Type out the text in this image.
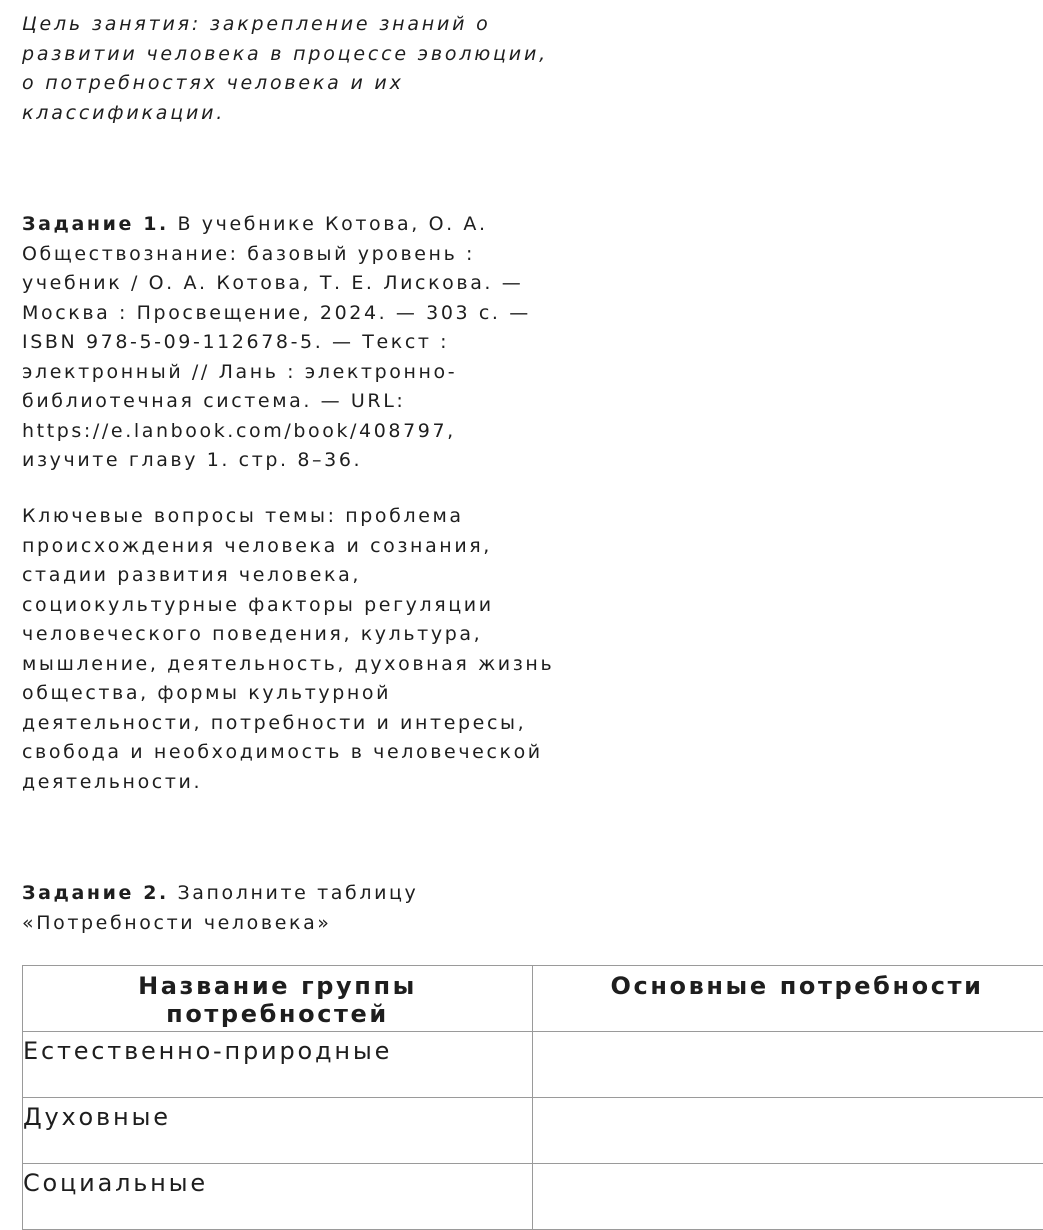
Цель занятия: закрепление знаний о
развитии человека в процессе эволюции,
о потребностях человека и их
классификации.
Задание 1. В учебнике Котова, О. А.
Обществознание: базовый уровень :
учебник / О. А. Котова, Т. Е. Лискова. —
Москва : Просвещение, 2024. — 303 с. —
ISBN 978-5-09-112678-5. — Текст :
электронный // Лань : электронно-
библиотечная система. — URL:
https://e.lanbook.com/book/408797,
изучите главу 1. стр. 8–36.
Ключевые вопросы темы: проблема
происхождения человека и сознания,
стадии развития человека,
социокультурные факторы регуляции
человеческого поведения, культура,
мышление, деятельность, духовная жизнь
общества, формы культурной
деятельности, потребности и интересы,
свобода и необходимость в человеческой
деятельности.
Задание 2. Заполните таблицу
«Потребности человека»
Название группы потребностей	Основные потребности
Естественно-природные	
Духовные	
Социальные	
